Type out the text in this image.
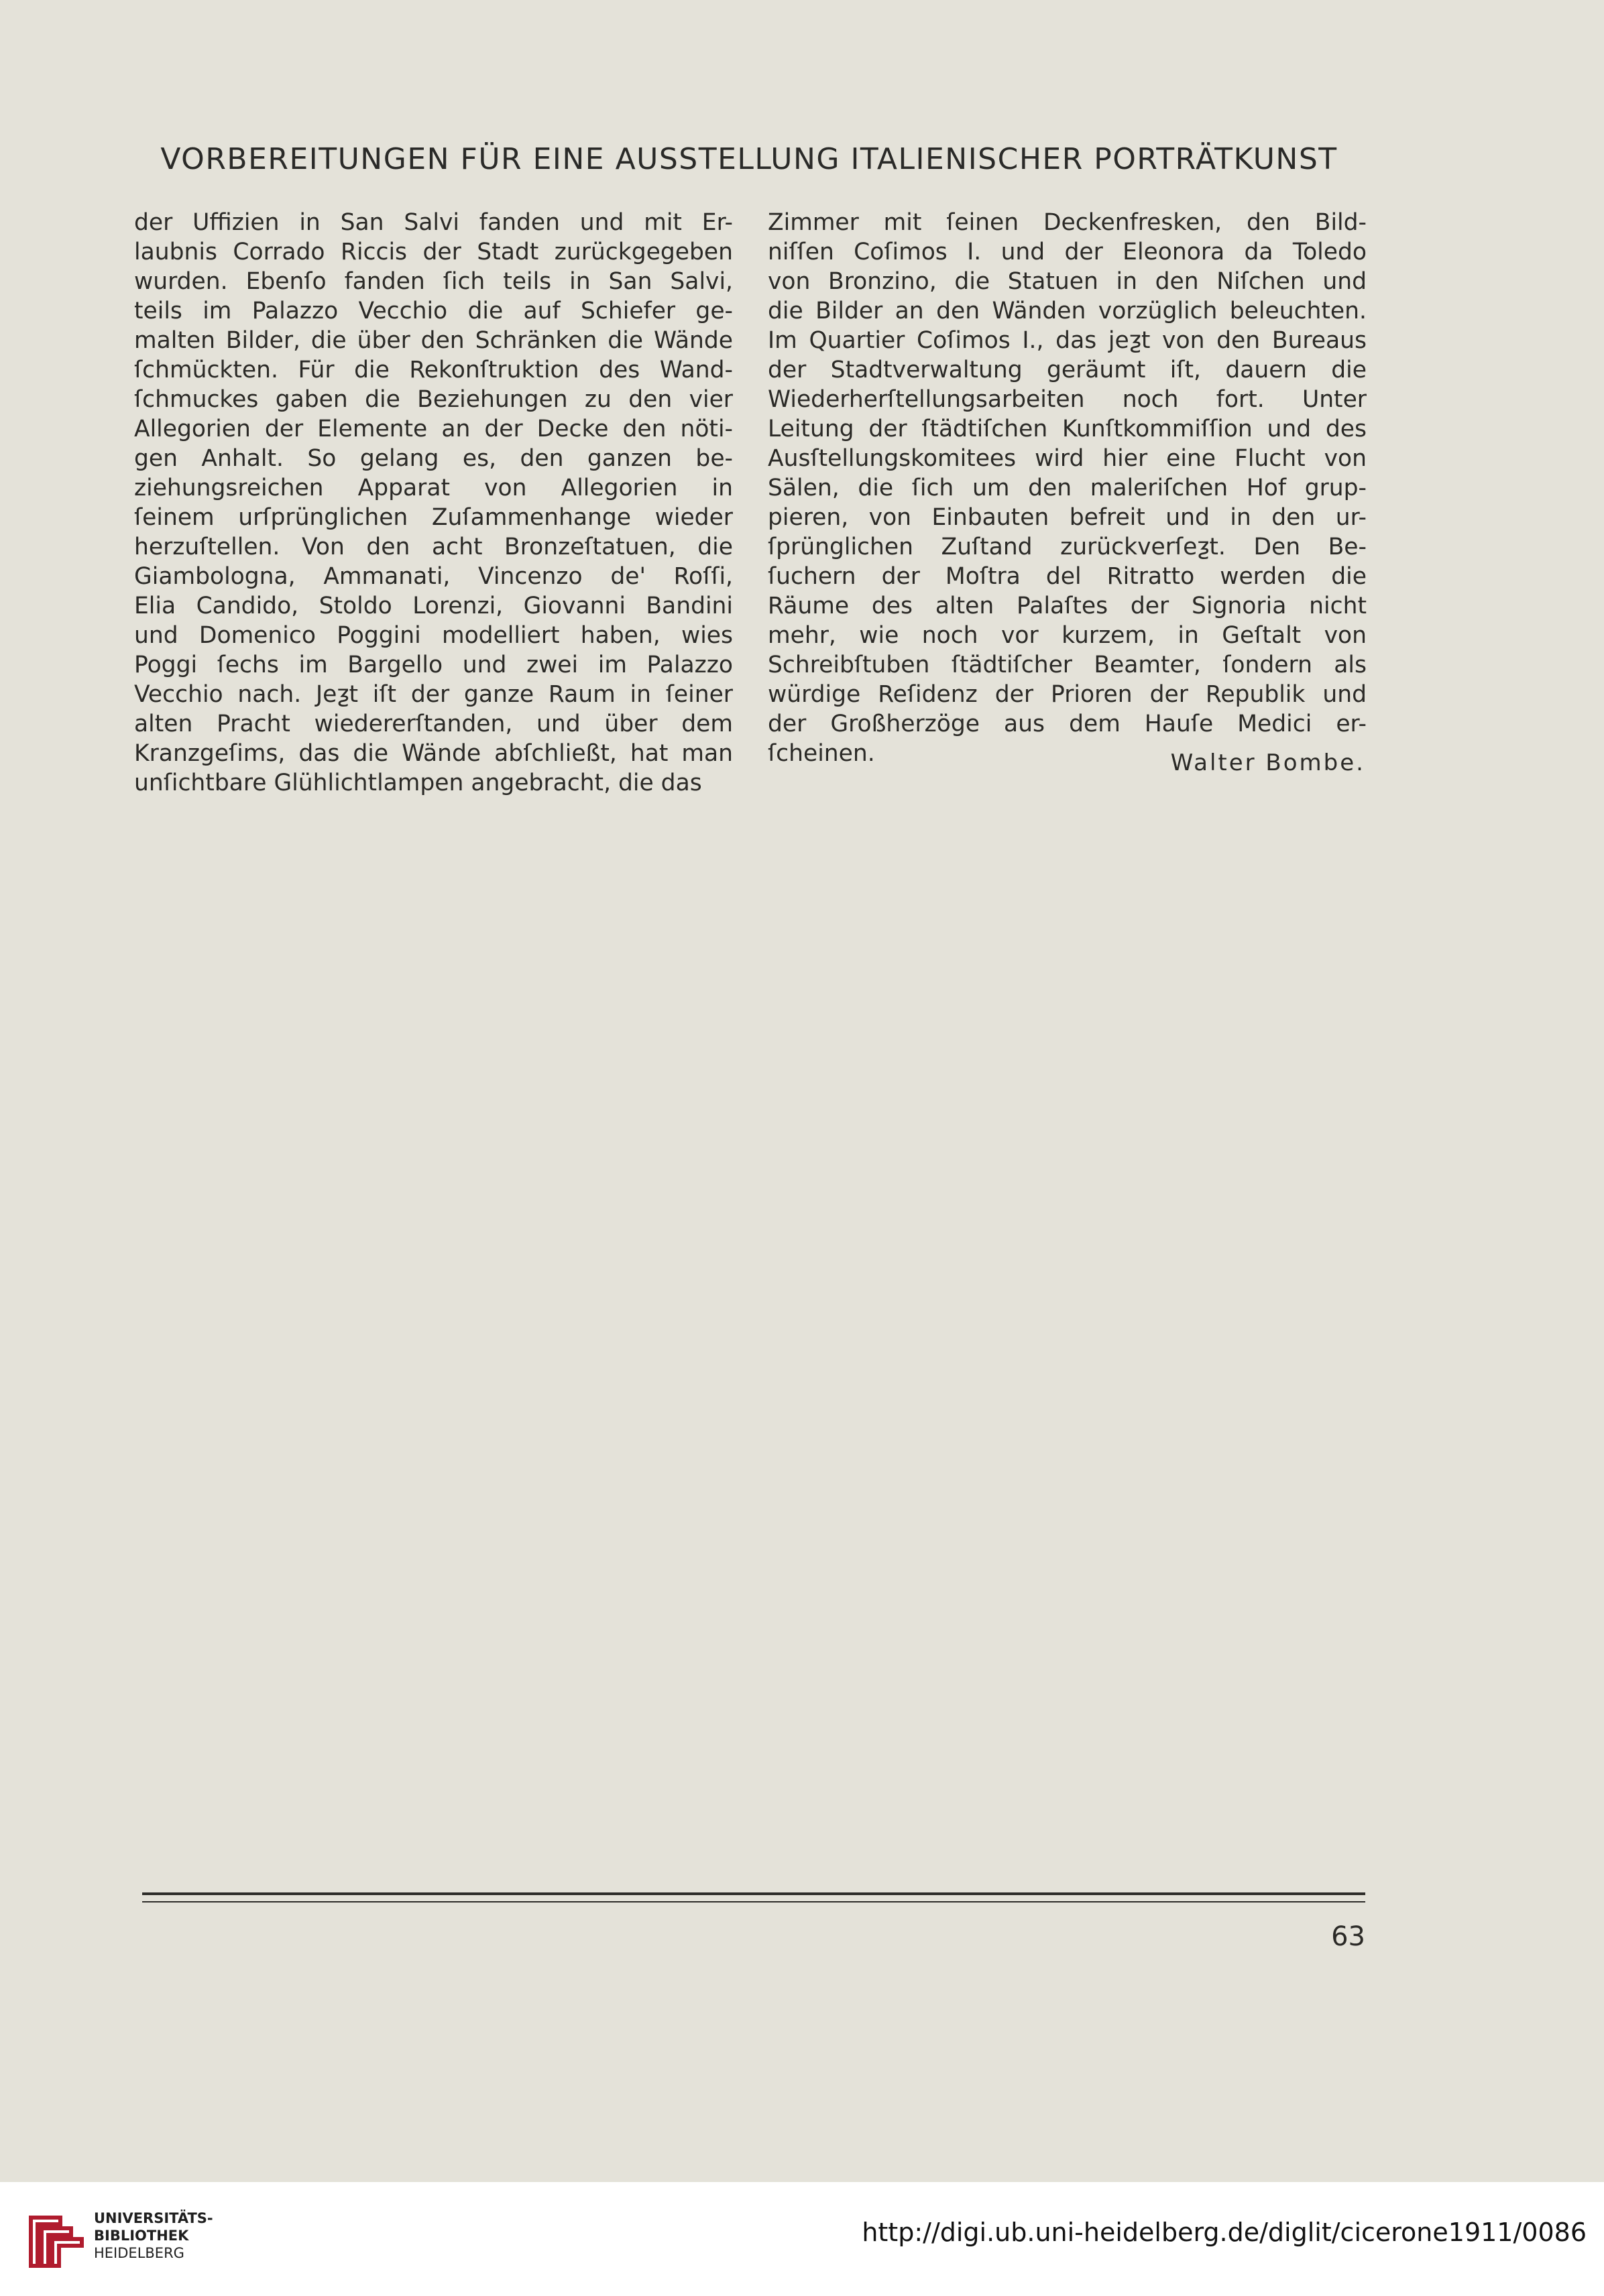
VORBEREITUNGEN FÜR EINE AUSSTELLUNG ITALIENISCHER PORTRÄTKUNST
der Uffizien in San Salvi fanden und mit Er-
laubnis Corrado Riccis der Stadt zurückgegeben
wurden. Ebenſo fanden ſich teils in San Salvi,
teils im Palazzo Vecchio die auf Schiefer ge-
malten Bilder, die über den Schränken die Wände
ſchmückten. Für die Rekonſtruktion des Wand-
ſchmuckes gaben die Beziehungen zu den vier
Allegorien der Elemente an der Decke den nöti-
gen Anhalt. So gelang es, den ganzen be-
ziehungsreichen Apparat von Allegorien in
ſeinem urſprünglichen Zuſammenhange wieder
herzuſtellen. Von den acht Bronzeſtatuen, die
Giambologna, Ammanati, Vincenzo de' Roſſi,
Elia Candido, Stoldo Lorenzi, Giovanni Bandini
und Domenico Poggini modelliert haben, wies
Poggi ſechs im Bargello und zwei im Palazzo
Vecchio nach. Jeƺt iſt der ganze Raum in ſeiner
alten Pracht wiedererſtanden, und über dem
Kranzgeſims, das die Wände abſchließt, hat man
unſichtbare Glühlichtlampen angebracht, die das
Zimmer mit ſeinen Deckenfresken, den Bild-
niſſen Coſimos I. und der Eleonora da Toledo
von Bronzino, die Statuen in den Niſchen und
die Bilder an den Wänden vorzüglich beleuchten.
Im Quartier Coſimos I., das jeƺt von den Bureaus
der Stadtverwaltung geräumt iſt, dauern die
Wiederherſtellungsarbeiten noch fort. Unter
Leitung der ſtädtiſchen Kunſtkommiſſion und des
Ausſtellungskomitees wird hier eine Flucht von
Sälen, die ſich um den maleriſchen Hof grup-
pieren, von Einbauten befreit und in den ur-
ſprünglichen Zuſtand zurückverſeƺt. Den Be-
ſuchern der Moſtra del Ritratto werden die
Räume des alten Palaſtes der Signoria nicht
mehr, wie noch vor kurzem, in Geſtalt von
Schreibſtuben ſtädtiſcher Beamter, ſondern als
würdige Reſidenz der Prioren der Republik und
der Großherzöge aus dem Hauſe Medici er-
ſcheinen.	Walter Bombe.
63
UNIVERSITÄTS-
BIBLIOTHEK
HEIDELBERG
http://digi.ub.uni-heidelberg.de/diglit/cicerone1911/0086
